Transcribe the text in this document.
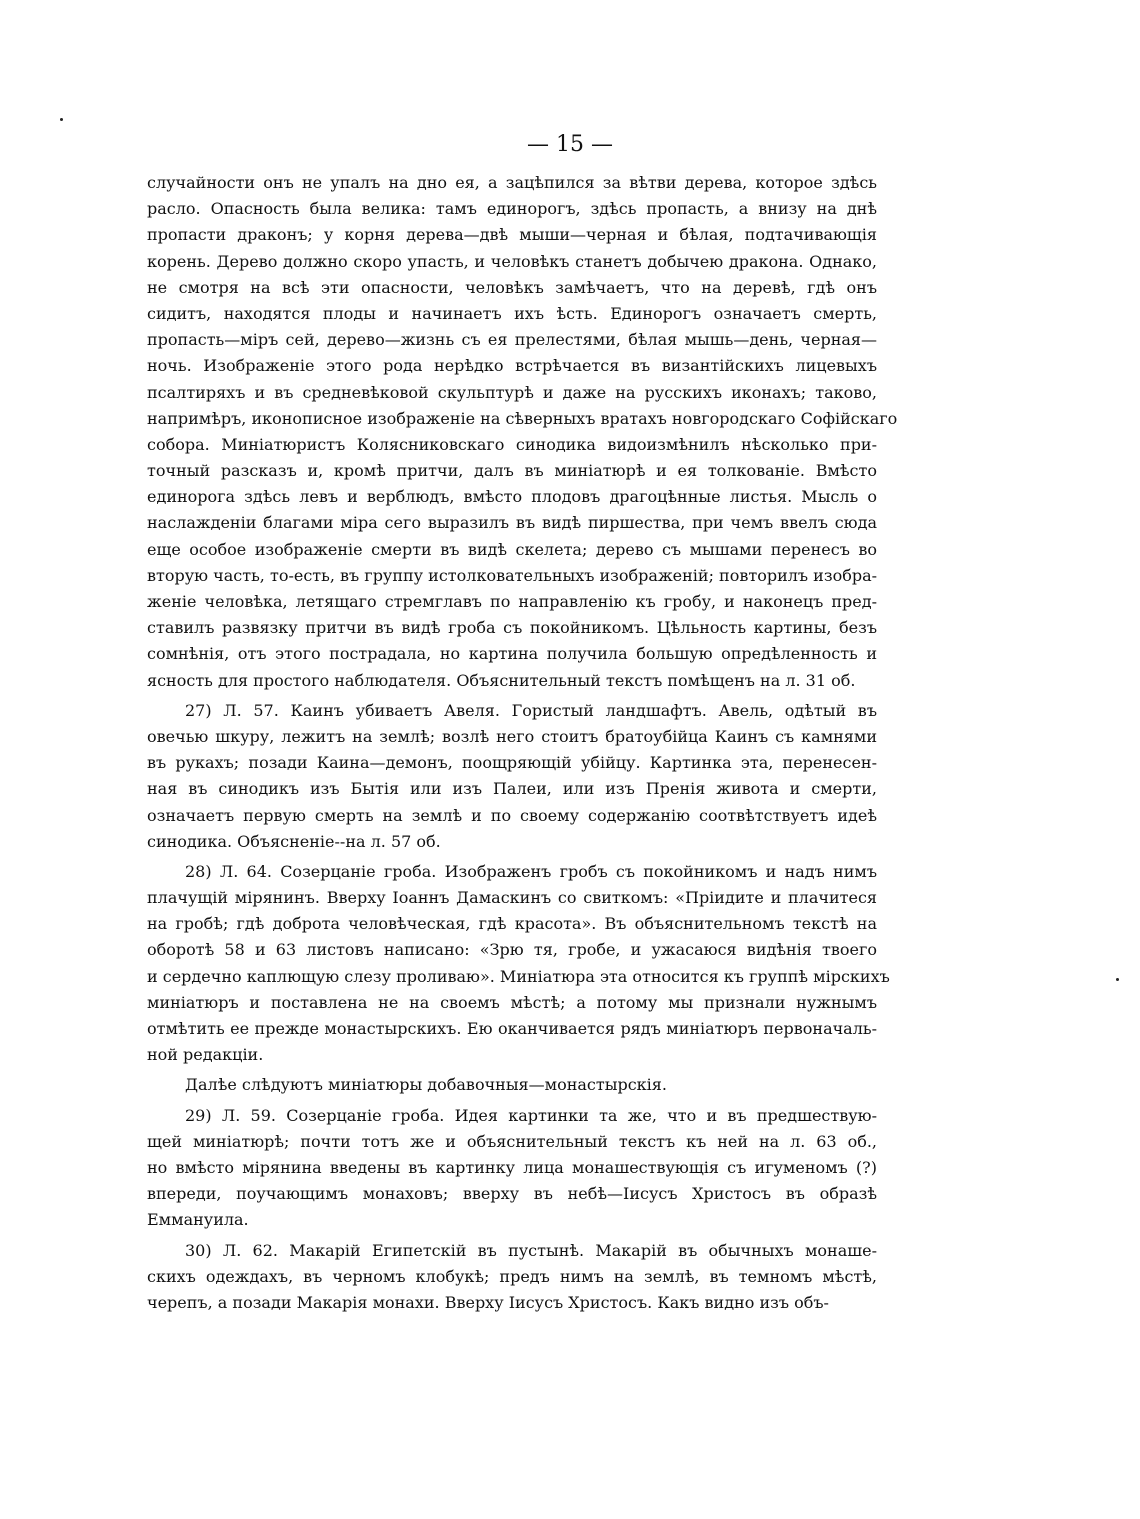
— 15 —
случайности онъ не упалъ на дно ея, а зацѣпился за вѣтви дерева, которое здѣсь
расло. Опасность была велика: тамъ единорогъ, здѣсь пропасть, а внизу на днѣ
пропасти драконъ; у корня дерева—двѣ мыши—черная и бѣлая, подтачивающія
корень. Дерево должно скоро упасть, и человѣкъ станетъ добычею дракона. Однако,
не смотря на всѣ эти опасности, человѣкъ замѣчаетъ, что на деревѣ, гдѣ онъ
сидитъ, находятся плоды и начинаетъ ихъ ѣсть. Единорогъ означаетъ смерть,
пропасть—міръ сей, дерево—жизнь съ ея прелестями, бѣлая мышь—день, черная—
ночь. Изображеніе этого рода нерѣдко встрѣчается въ византійскихъ лицевыхъ
псалтиряхъ и въ средневѣковой скульптурѣ и даже на русскихъ иконахъ; таково,
напримѣръ, иконописное изображеніе на сѣверныхъ вратахъ новгородскаго Софійскаго
собора. Миніатюристъ Колясниковскаго синодика видоизмѣнилъ нѣсколько при-
точный разсказъ и, кромѣ притчи, далъ въ миніатюрѣ и ея толкованіе. Вмѣсто
единорога здѣсь левъ и верблюдъ, вмѣсто плодовъ драгоцѣнные листья. Мысль о
наслажденіи благами міра сего выразилъ въ видѣ пиршества, при чемъ ввелъ сюда
еще особое изображеніе смерти въ видѣ скелета; дерево съ мышами перенесъ во
вторую часть, то-есть, въ группу истолковательныхъ изображеній; повторилъ изобра-
женіе человѣка, летящаго стремглавъ по направленію къ гробу, и наконецъ пред-
ставилъ развязку притчи въ видѣ гроба съ покойникомъ. Цѣльность картины, безъ
сомнѣнія, отъ этого пострадала, но картина получила большую опредѣленность и
ясность для простого наблюдателя. Объяснительный текстъ помѣщенъ на л. 31 об.
27) Л. 57. Каинъ убиваетъ Авеля. Гористый ландшафтъ. Авель, одѣтый въ
овечью шкуру, лежитъ на землѣ; возлѣ него стоитъ братоубійца Каинъ съ камнями
въ рукахъ; позади Каина—демонъ, поощряющій убійцу. Картинка эта, перенесен-
ная въ синодикъ изъ Бытія или изъ Палеи, или изъ Пренія живота и смерти,
означаетъ первую смерть на землѣ и по своему содержанію соотвѣтствуетъ идеѣ
синодика. Объясненіе--на л. 57 об.
28) Л. 64. Созерцаніе гроба. Изображенъ гробъ съ покойникомъ и надъ нимъ
плачущій мірянинъ. Вверху Іоаннъ Дамаскинъ со свиткомъ: «Пріидите и плачитеся
на гробѣ; гдѣ доброта человѣческая, гдѣ красота». Въ объяснительномъ текстѣ на
оборотѣ 58 и 63 листовъ написано: «Зрю тя, гробе, и ужасаюся видѣнія твоего
и сердечно каплющую слезу проливаю». Миніатюра эта относится къ группѣ мірскихъ
миніатюръ и поставлена не на своемъ мѣстѣ; а потому мы признали нужнымъ
отмѣтить ее прежде монастырскихъ. Ею оканчивается рядъ миніатюръ первоначаль-
ной редакціи.
Далѣе слѣдуютъ миніатюры добавочныя—монастырскія.
29) Л. 59. Созерцаніе гроба. Идея картинки та же, что и въ предшествую-
щей миніатюрѣ; почти тотъ же и объяснительный текстъ къ ней на л. 63 об.,
но вмѣсто мірянина введены въ картинку лица монашествующія съ игуменомъ (?)
впереди, поучающимъ монаховъ; вверху въ небѣ—Іисусъ Христосъ въ образѣ
Еммануила.
30) Л. 62. Макарій Египетскій въ пустынѣ. Макарій въ обычныхъ монаше-
скихъ одеждахъ, въ черномъ клобукѣ; предъ нимъ на землѣ, въ темномъ мѣстѣ,
черепъ, а позади Макарія монахи. Вверху Іисусъ Христосъ. Какъ видно изъ объ-
